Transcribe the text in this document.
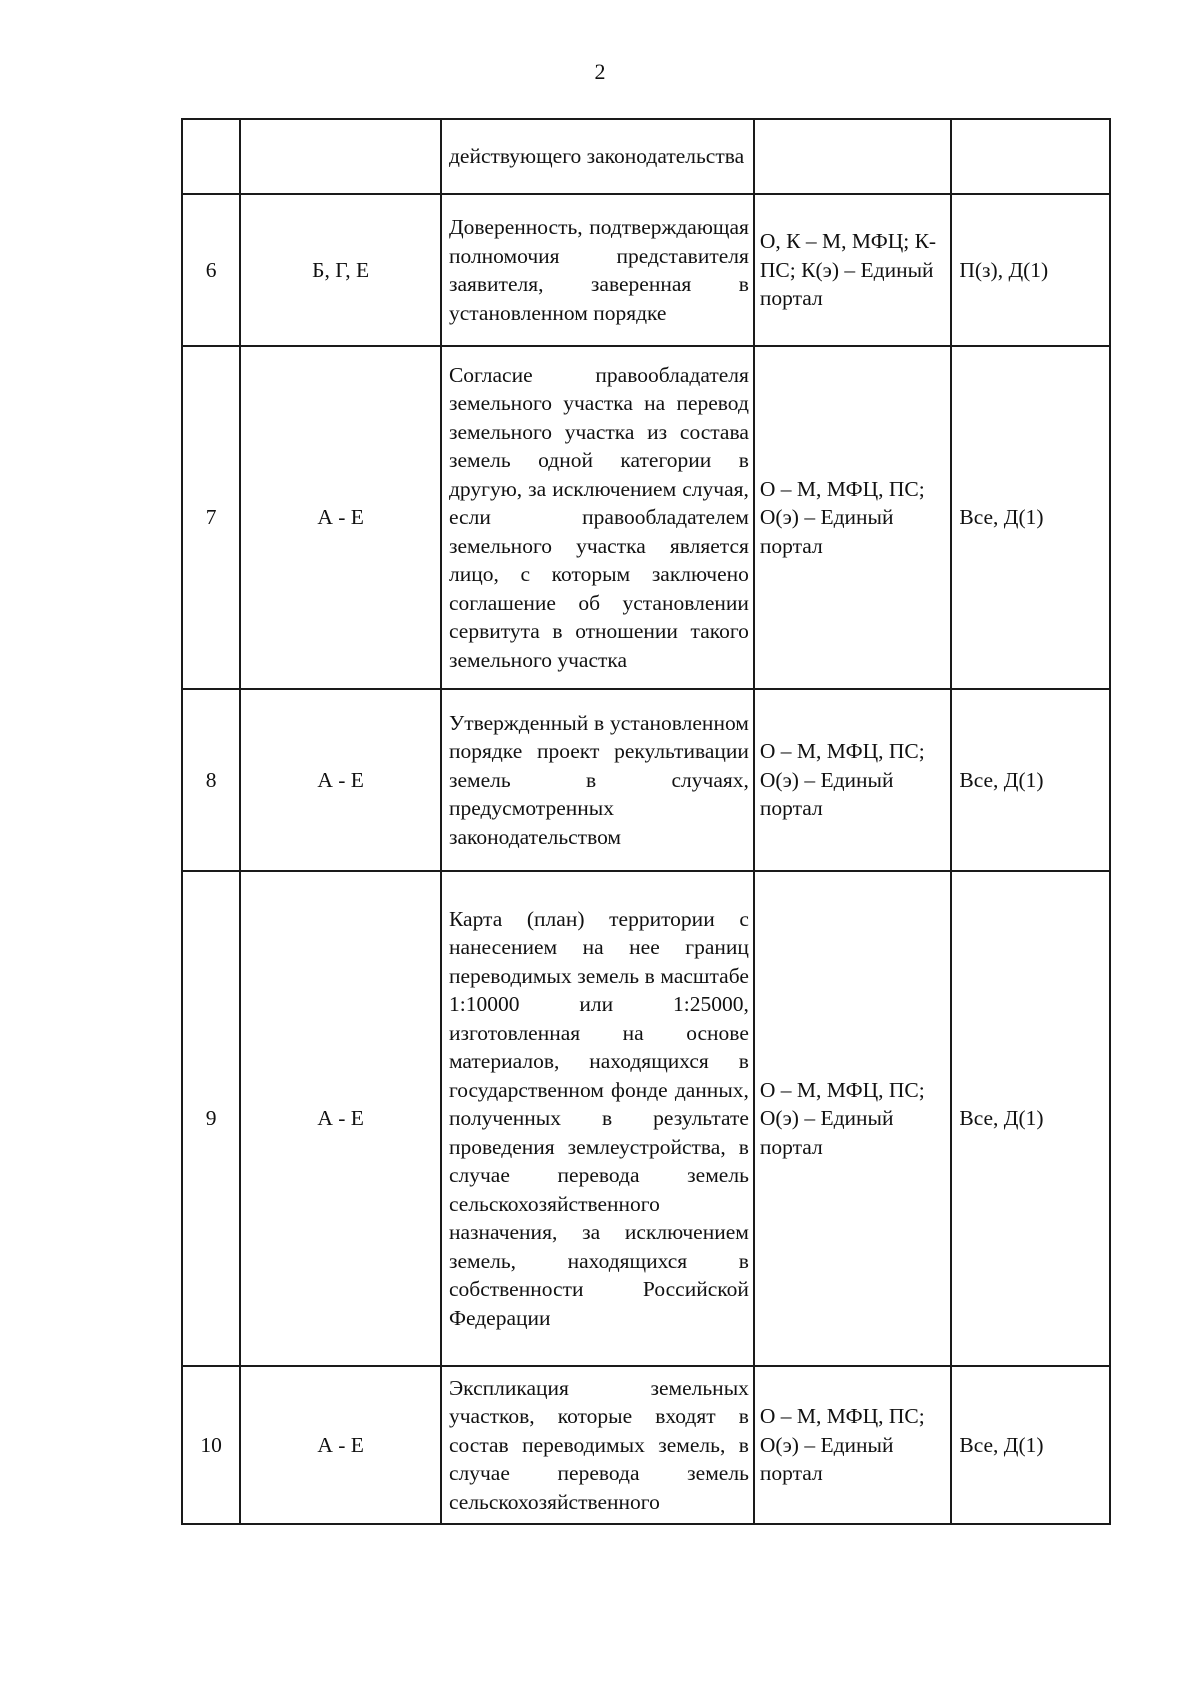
2

		действующего законодательства		

6	Б, Г, Е	Доверенность, подтверждающая полномочия представителя заявителя, заверенная в установленном порядке	О, К – М, МФЦ; К-ПС; К(э) – Единый портал	П(з), Д(1)
7	А - Е	Согласие правообладателя земельного участка на перевод земельного участка из состава земель одной категории в другую, за исключением случая, если правообладателем земельного участка является лицо, с которым заключено соглашение об установлении сервитута в отношении такого земельного участка	О – М, МФЦ, ПС; О(э) – Единый портал	Все, Д(1)
8	А - Е	Утвержденный в установленном порядке проект рекультивации земель в случаях, предусмотренных законодательством	О – М, МФЦ, ПС; О(э) – Единый портал	Все, Д(1)
9	А - Е	Карта (план) территории с нанесением на нее границ переводимых земель в масштабе 1:10000 или 1:25000, изготовленная на основе материалов, находящихся в государственном фонде данных, полученных в результате проведения землеустройства, в случае перевода земель сельскохозяйственного назначения, за исключением земель, находящихся в собственности Российской Федерации	О – М, МФЦ, ПС; О(э) – Единый портал	Все, Д(1)
10	А - Е	Экспликация земельных участков, которые входят в состав переводимых земель, в случае перевода земель сельскохозяйственного	О – М, МФЦ, ПС; О(э) – Единый портал	Все, Д(1)
